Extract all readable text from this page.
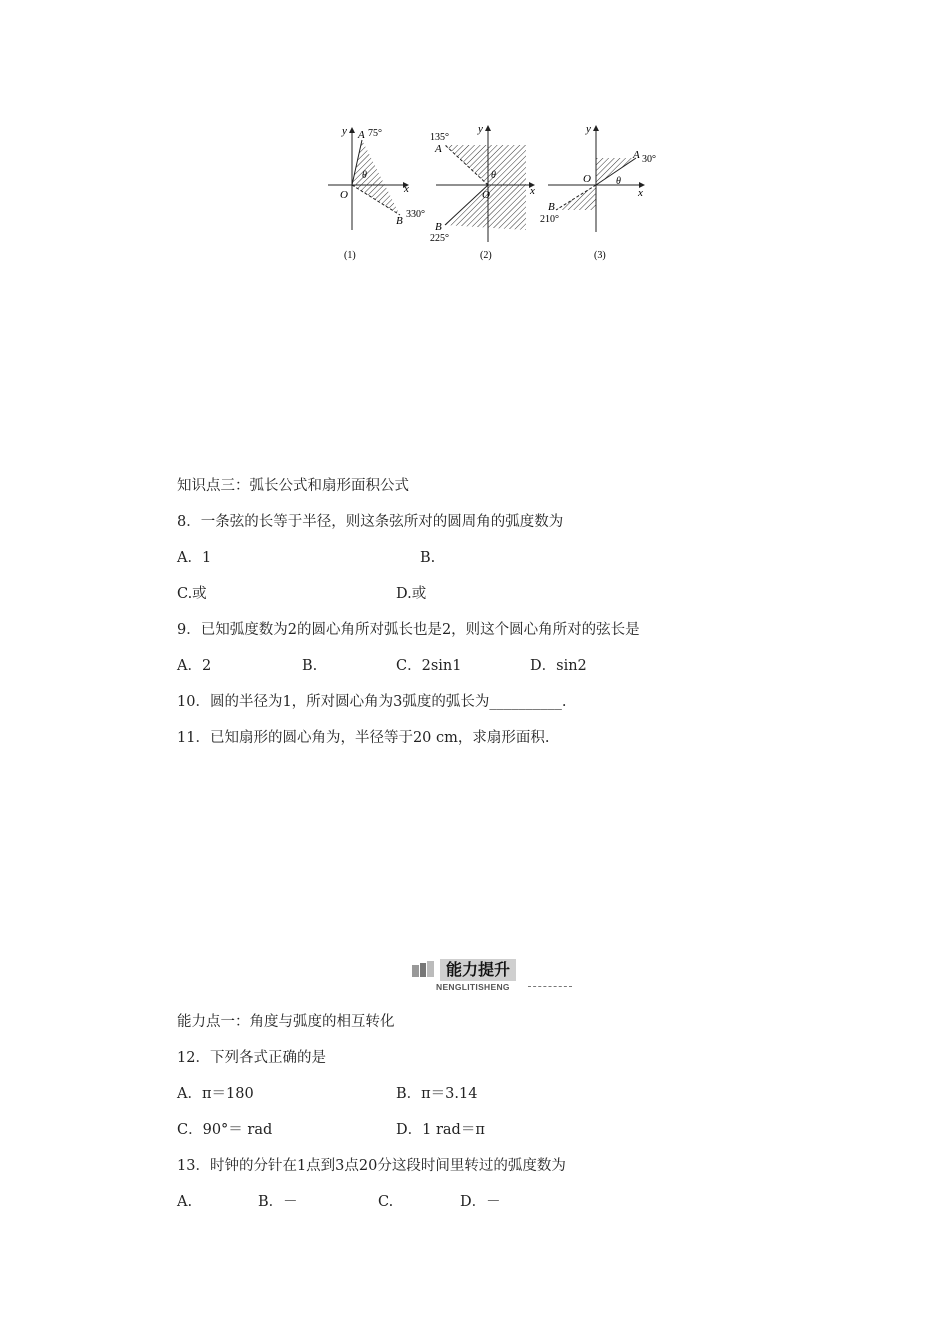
y
x
O
A 75°
B
330°
θ
(1)
y
x
O
A
135°
B
225°
θ
(2)
y
x
O
A 30°
B
210°
θ
(3)
知识点三：弧长公式和扇形面积公式
8．一条弦的长等于半径，则这条弦所对的圆周角的弧度数为
A．1	B.
C.或	D.或
9．已知弧度数为2的圆心角所对弧长也是2，则这个圆心角所对的弦长是
A．2	B.	C．2sin1	D．sin2
10．圆的半径为1，所对圆心角为3弧度的弧长为__________.
11．已知扇形的圆心角为，半径等于20 cm，求扇形面积.
能力提升
NENGLITISHENG
能力点一：角度与弧度的相互转化
12．下列各式正确的是
A．π＝180	B．π＝3.14
C．90°＝ rad	D．1 rad＝π
13．时钟的分针在1点到3点20分这段时间里转过的弧度数为
A.	B．－	C.	D．－
